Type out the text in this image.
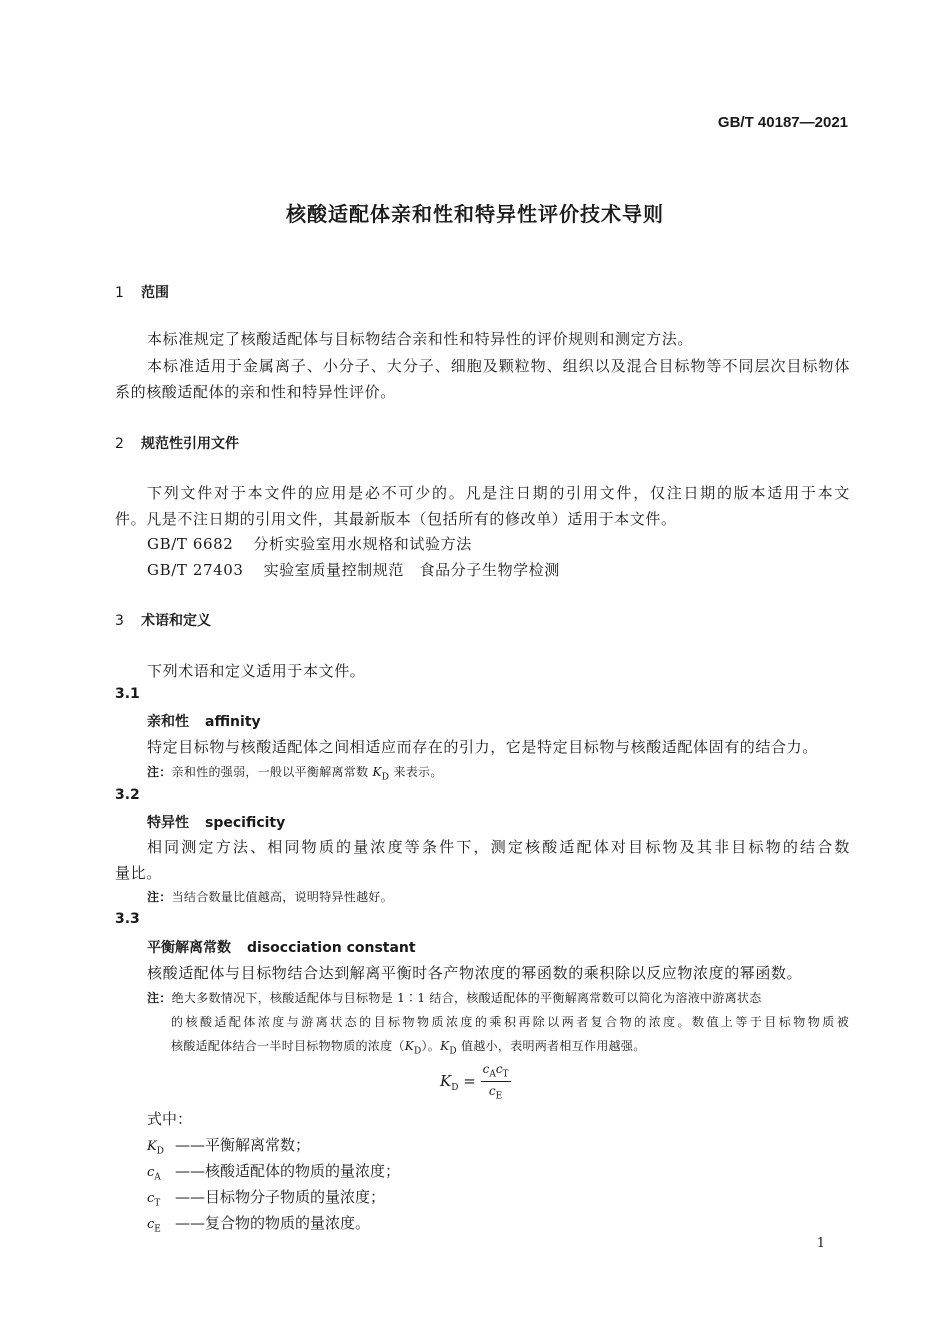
GB/T 40187—2021
核酸适配体亲和性和特异性评价技术导则
1 范围
本标准规定了核酸适配体与目标物结合亲和性和特异性的评价规则和测定方法。
本标准适用于金属离子、小分子、大分子、细胞及颗粒物、组织以及混合目标物等不同层次目标物体
系的核酸适配体的亲和性和特异性评价。
2 规范性引用文件
下列文件对于本文件的应用是必不可少的。凡是注日期的引用文件，仅注日期的版本适用于本文
件。凡是不注日期的引用文件，其最新版本（包括所有的修改单）适用于本文件。
GB/T 6682 分析实验室用水规格和试验方法
GB/T 27403 实验室质量控制规范　食品分子生物学检测
3 术语和定义
下列术语和定义适用于本文件。
3.1
亲和性 affinity
特定目标物与核酸适配体之间相适应而存在的引力，它是特定目标物与核酸适配体固有的结合力。
注：亲和性的强弱，一般以平衡解离常数 $K_D$ 来表示。
3.2
特异性 specificity
相同测定方法、相同物质的量浓度等条件下，测定核酸适配体对目标物及其非目标物的结合数
量比。
注：当结合数量比值越高，说明特异性越好。
3.3
平衡解离常数 disocciation constant
核酸适配体与目标物结合达到解离平衡时各产物浓度的幂函数的乘积除以反应物浓度的幂函数。
注：绝大多数情况下，核酸适配体与目标物是 1∶1 结合，核酸适配体的平衡解离常数可以简化为溶液中游离状态
的核酸适配体浓度与游离状态的目标物物质浓度的乘积再除以两者复合物的浓度。数值上等于目标物物质被
核酸适配体结合一半时目标物物质的浓度$(K_D)$。$K_D$ 值越小，表明两者相互作用越强。
$K_D = \frac{c_Ac_T}{c_E}$
式中：
$K_D$ ——平衡解离常数；
$c_A$ ——核酸适配体的物质的量浓度；
$c_T$ ——目标物分子物质的量浓度；
$c_E$ ——复合物的物质的量浓度。
1
